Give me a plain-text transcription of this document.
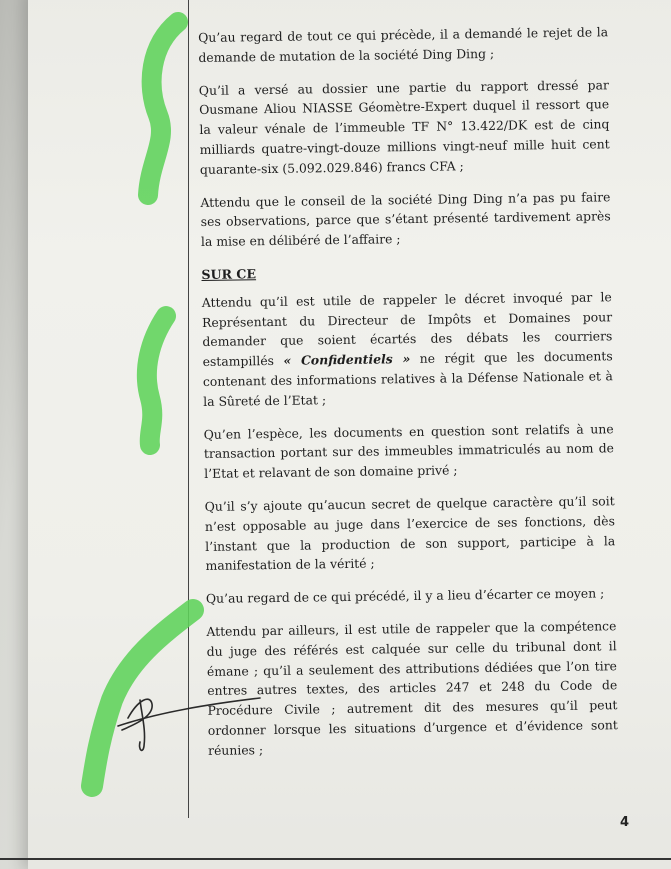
Qu’au regard de tout ce qui précède, il a demandé le rejet de la demande de mutation de la société Ding Ding ;

Qu’il a versé au dossier une partie du rapport dressé par Ousmane Aliou NIASSE Géomètre-Expert duquel il ressort que la valeur vénale de l’immeuble TF N° 13.422/DK est de cinq milliards quatre-vingt-douze millions vingt-neuf mille huit cent quarante-six (5.092.029.846) francs CFA ;

Attendu que le conseil de la société Ding Ding n’a pas pu faire ses observations, parce que s’étant présenté tardivement après la mise en délibéré de l’affaire ;

SUR CE

Attendu qu’il est utile de rappeler le décret invoqué par le Représentant du Directeur de Impôts et Domaines pour demander que soient écartés des débats les courriers estampillés « Confidentiels » ne régit que les documents contenant des informations relatives à la Défense Nationale et à la Sûreté de l’Etat ;

Qu’en l’espèce, les documents en question sont relatifs à une transaction portant sur des immeubles immatriculés au nom de l’Etat et relavant de son domaine privé ;

Qu’il s’y ajoute qu’aucun secret de quelque caractère qu’il soit n’est opposable au juge dans l’exercice de ses fonctions, dès l’instant que la production de son support, participe à la manifestation de la vérité ;

Qu’au regard de ce qui précédé, il y a lieu d’écarter ce moyen ;

Attendu par ailleurs, il est utile de rappeler que la compétence du juge des référés est calquée sur celle du tribunal dont il émane ; qu’il a seulement des attributions dédiées que l’on tire entres autres textes, des articles 247 et 248 du Code de Procédure Civile ; autrement dit des mesures qu’il peut ordonner lorsque les situations d’urgence et d’évidence sont réunies ;

4
